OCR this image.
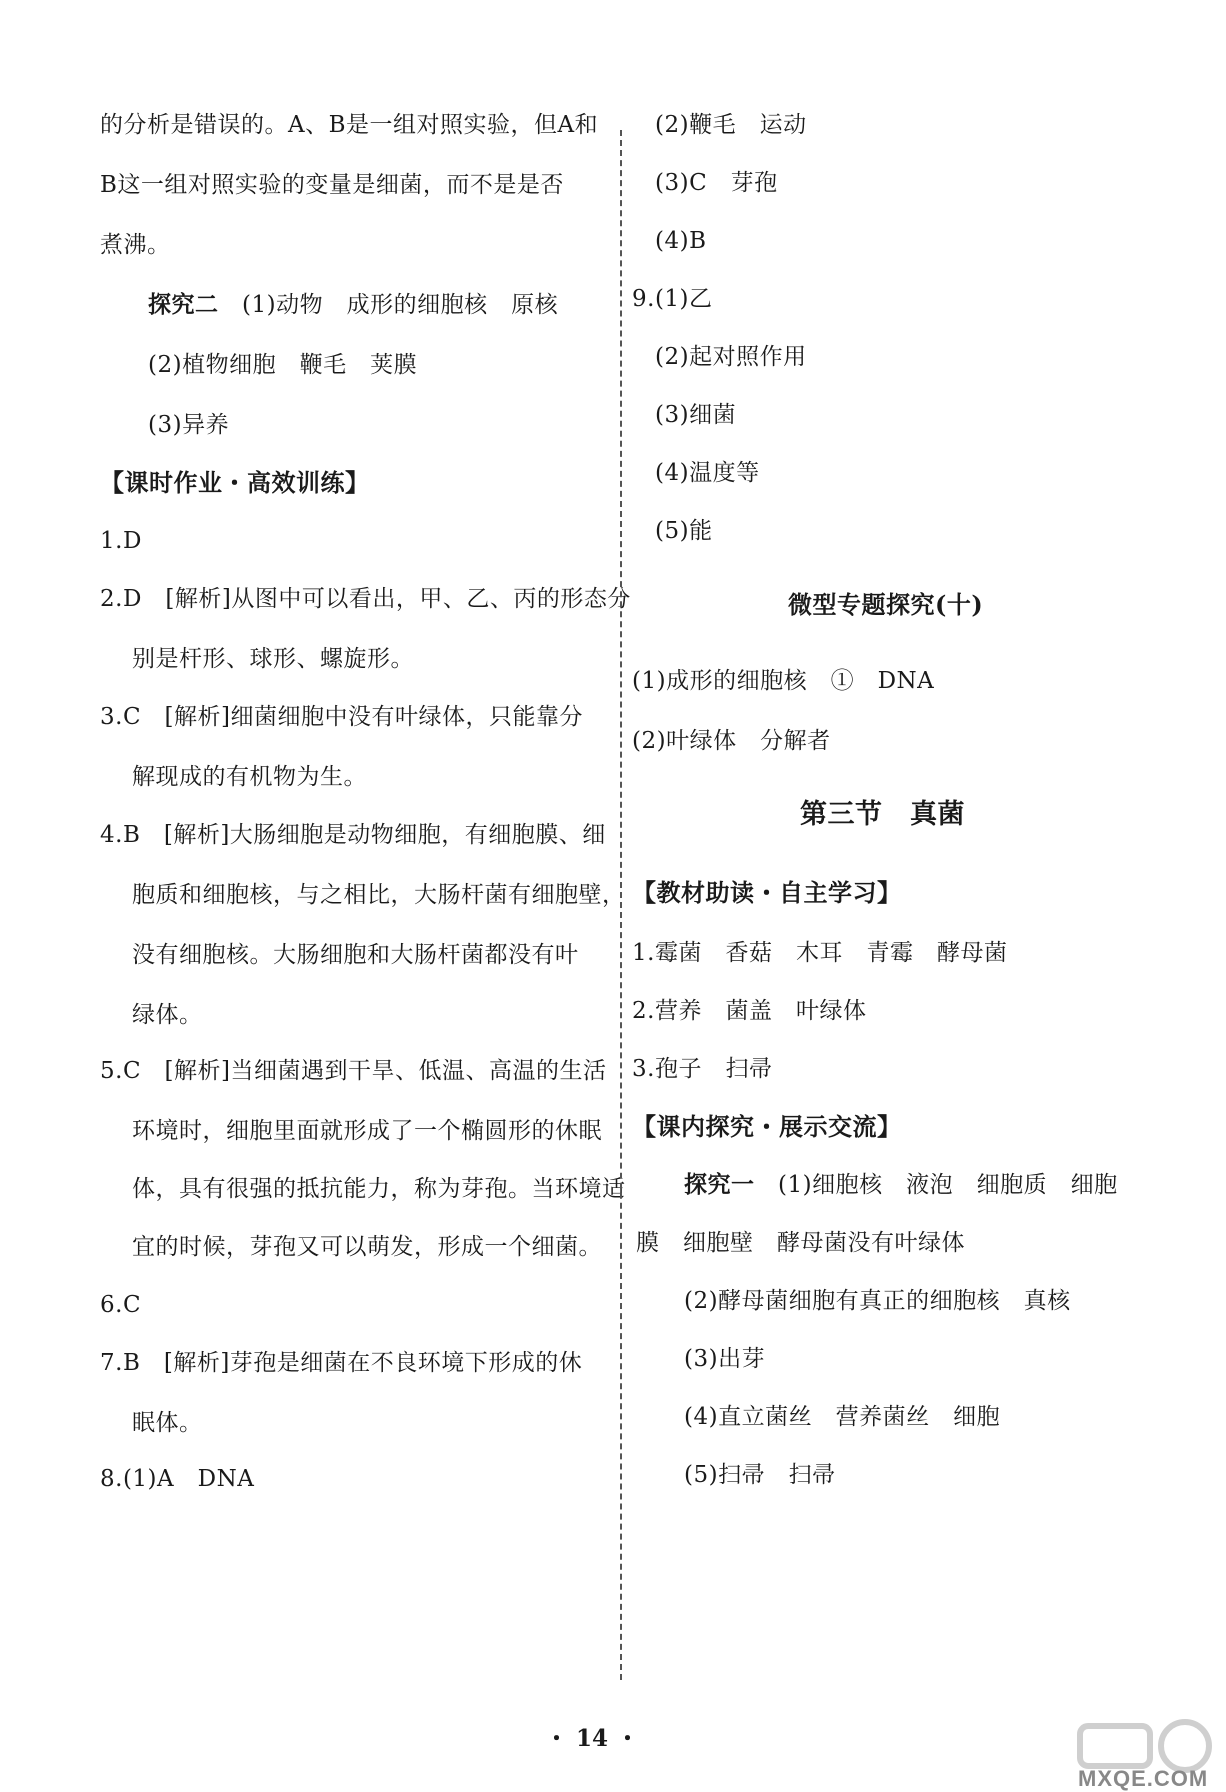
的分析是错误的。A、B是一组对照实验，但A和
B这一组对照实验的变量是细菌，而不是是否
煮沸。
探究二　 (1)动物　成形的细胞核　原核
(2)植物细胞　鞭毛　荚膜
(3)异养
【课时作业・高效训练】
1.D
2.D　[解析]从图中可以看出，甲、乙、丙的形态分
别是杆形、球形、螺旋形。
3.C　[解析]细菌细胞中没有叶绿体，只能靠分
解现成的有机物为生。
4.B　[解析]大肠细胞是动物细胞，有细胞膜、细
胞质和细胞核，与之相比，大肠杆菌有细胞壁，
没有细胞核。大肠细胞和大肠杆菌都没有叶
绿体。
5.C　[解析]当细菌遇到干旱、低温、高温的生活
环境时，细胞里面就形成了一个椭圆形的休眠
体，具有很强的抵抗能力，称为芽孢。当环境适
宜的时候，芽孢又可以萌发，形成一个细菌。
6.C
7.B　[解析]芽孢是细菌在不良环境下形成的休
眠体。
8.(1)A　DNA
(2)鞭毛　运动
(3)C　芽孢
(4)B
9.(1)乙
(2)起对照作用
(3)细菌
(4)温度等
(5)能
微型专题探究(十)
(1)成形的细胞核　①　DNA
(2)叶绿体　分解者
第三节　真菌
【教材助读・自主学习】
1.霉菌　香菇　木耳　青霉　酵母菌
2.营养　菌盖　叶绿体
3.孢子　扫帚
【课内探究・展示交流】
探究一　 (1)细胞核　液泡　细胞质　细胞
膜　细胞壁　酵母菌没有叶绿体
(2)酵母菌细胞有真正的细胞核　真核
(3)出芽
(4)直立菌丝　营养菌丝　细胞
(5)扫帚　扫帚
・ 14 ・
MXQE.COM
